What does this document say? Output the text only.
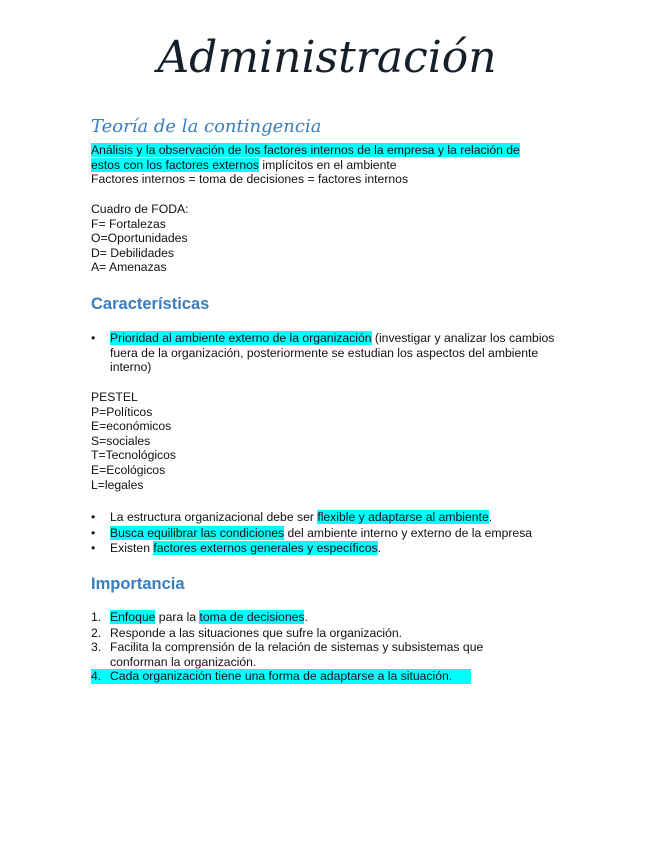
Administración
Teoría de la contingencia
Análisis y la observación de los factores internos de la empresa y la relación de
estos con los factores externos implícitos en el ambiente
Factores internos = toma de decisiones = factores internos
Cuadro de FODA:
F= Fortalezas
O=Oportunidades
D= Debilidades
A= Amenazas
Características
•	Prioridad al ambiente externo de la organización (investigar y analizar los cambios fuera de la organización, posteriormente se estudian los aspectos del ambiente interno)
PESTEL
P=Políticos
E=económicos
S=sociales
T=Tecnológicos
E=Ecológicos
L=legales
•	La estructura organizacional debe ser flexible y adaptarse al ambiente.
•	Busca equilibrar las condiciones del ambiente interno y externo de la empresa
•	Existen factores externos generales y específicos.
Importancia
1. Enfoque para la toma de decisiones.
2. Responde a las situaciones que sufre la organización.
3. Facilita la comprensión de la relación de sistemas y subsistemas que conforman la organización.
4. Cada organización tiene una forma de adaptarse a la situación.
